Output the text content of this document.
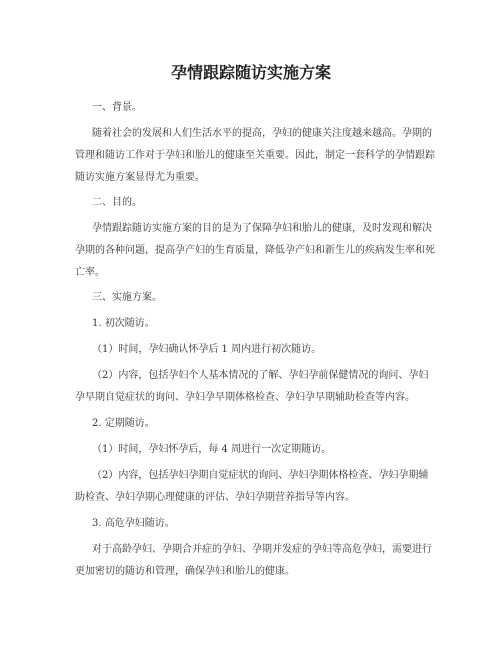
孕情跟踪随访实施方案
一、背景。
随着社会的发展和人们生活水平的提高，孕妇的健康关注度越来越高。孕期的
管理和随访工作对于孕妇和胎儿的健康至关重要。因此，制定一套科学的孕情跟踪
随访实施方案显得尤为重要。
二、目的。
孕情跟踪随访实施方案的目的是为了保障孕妇和胎儿的健康，及时发现和解决
孕期的各种问题，提高孕产妇的生育质量，降低孕产妇和新生儿的疾病发生率和死
亡率。
三、实施方案。
1. 初次随访。
（1）时间，孕妇确认怀孕后 1 周内进行初次随访。
（2）内容，包括孕妇个人基本情况的了解、孕妇孕前保健情况的询问、孕妇
孕早期自觉症状的询问、孕妇孕早期体格检查、孕妇孕早期辅助检查等内容。
2. 定期随访。
（1）时间，孕妇怀孕后，每 4 周进行一次定期随访。
（2）内容，包括孕妇孕期自觉症状的询问、孕妇孕期体格检查、孕妇孕期辅
助检查、孕妇孕期心理健康的评估、孕妇孕期营养指导等内容。
3. 高危孕妇随访。
对于高龄孕妇、孕期合并症的孕妇、孕期并发症的孕妇等高危孕妇，需要进行
更加密切的随访和管理，确保孕妇和胎儿的健康。
